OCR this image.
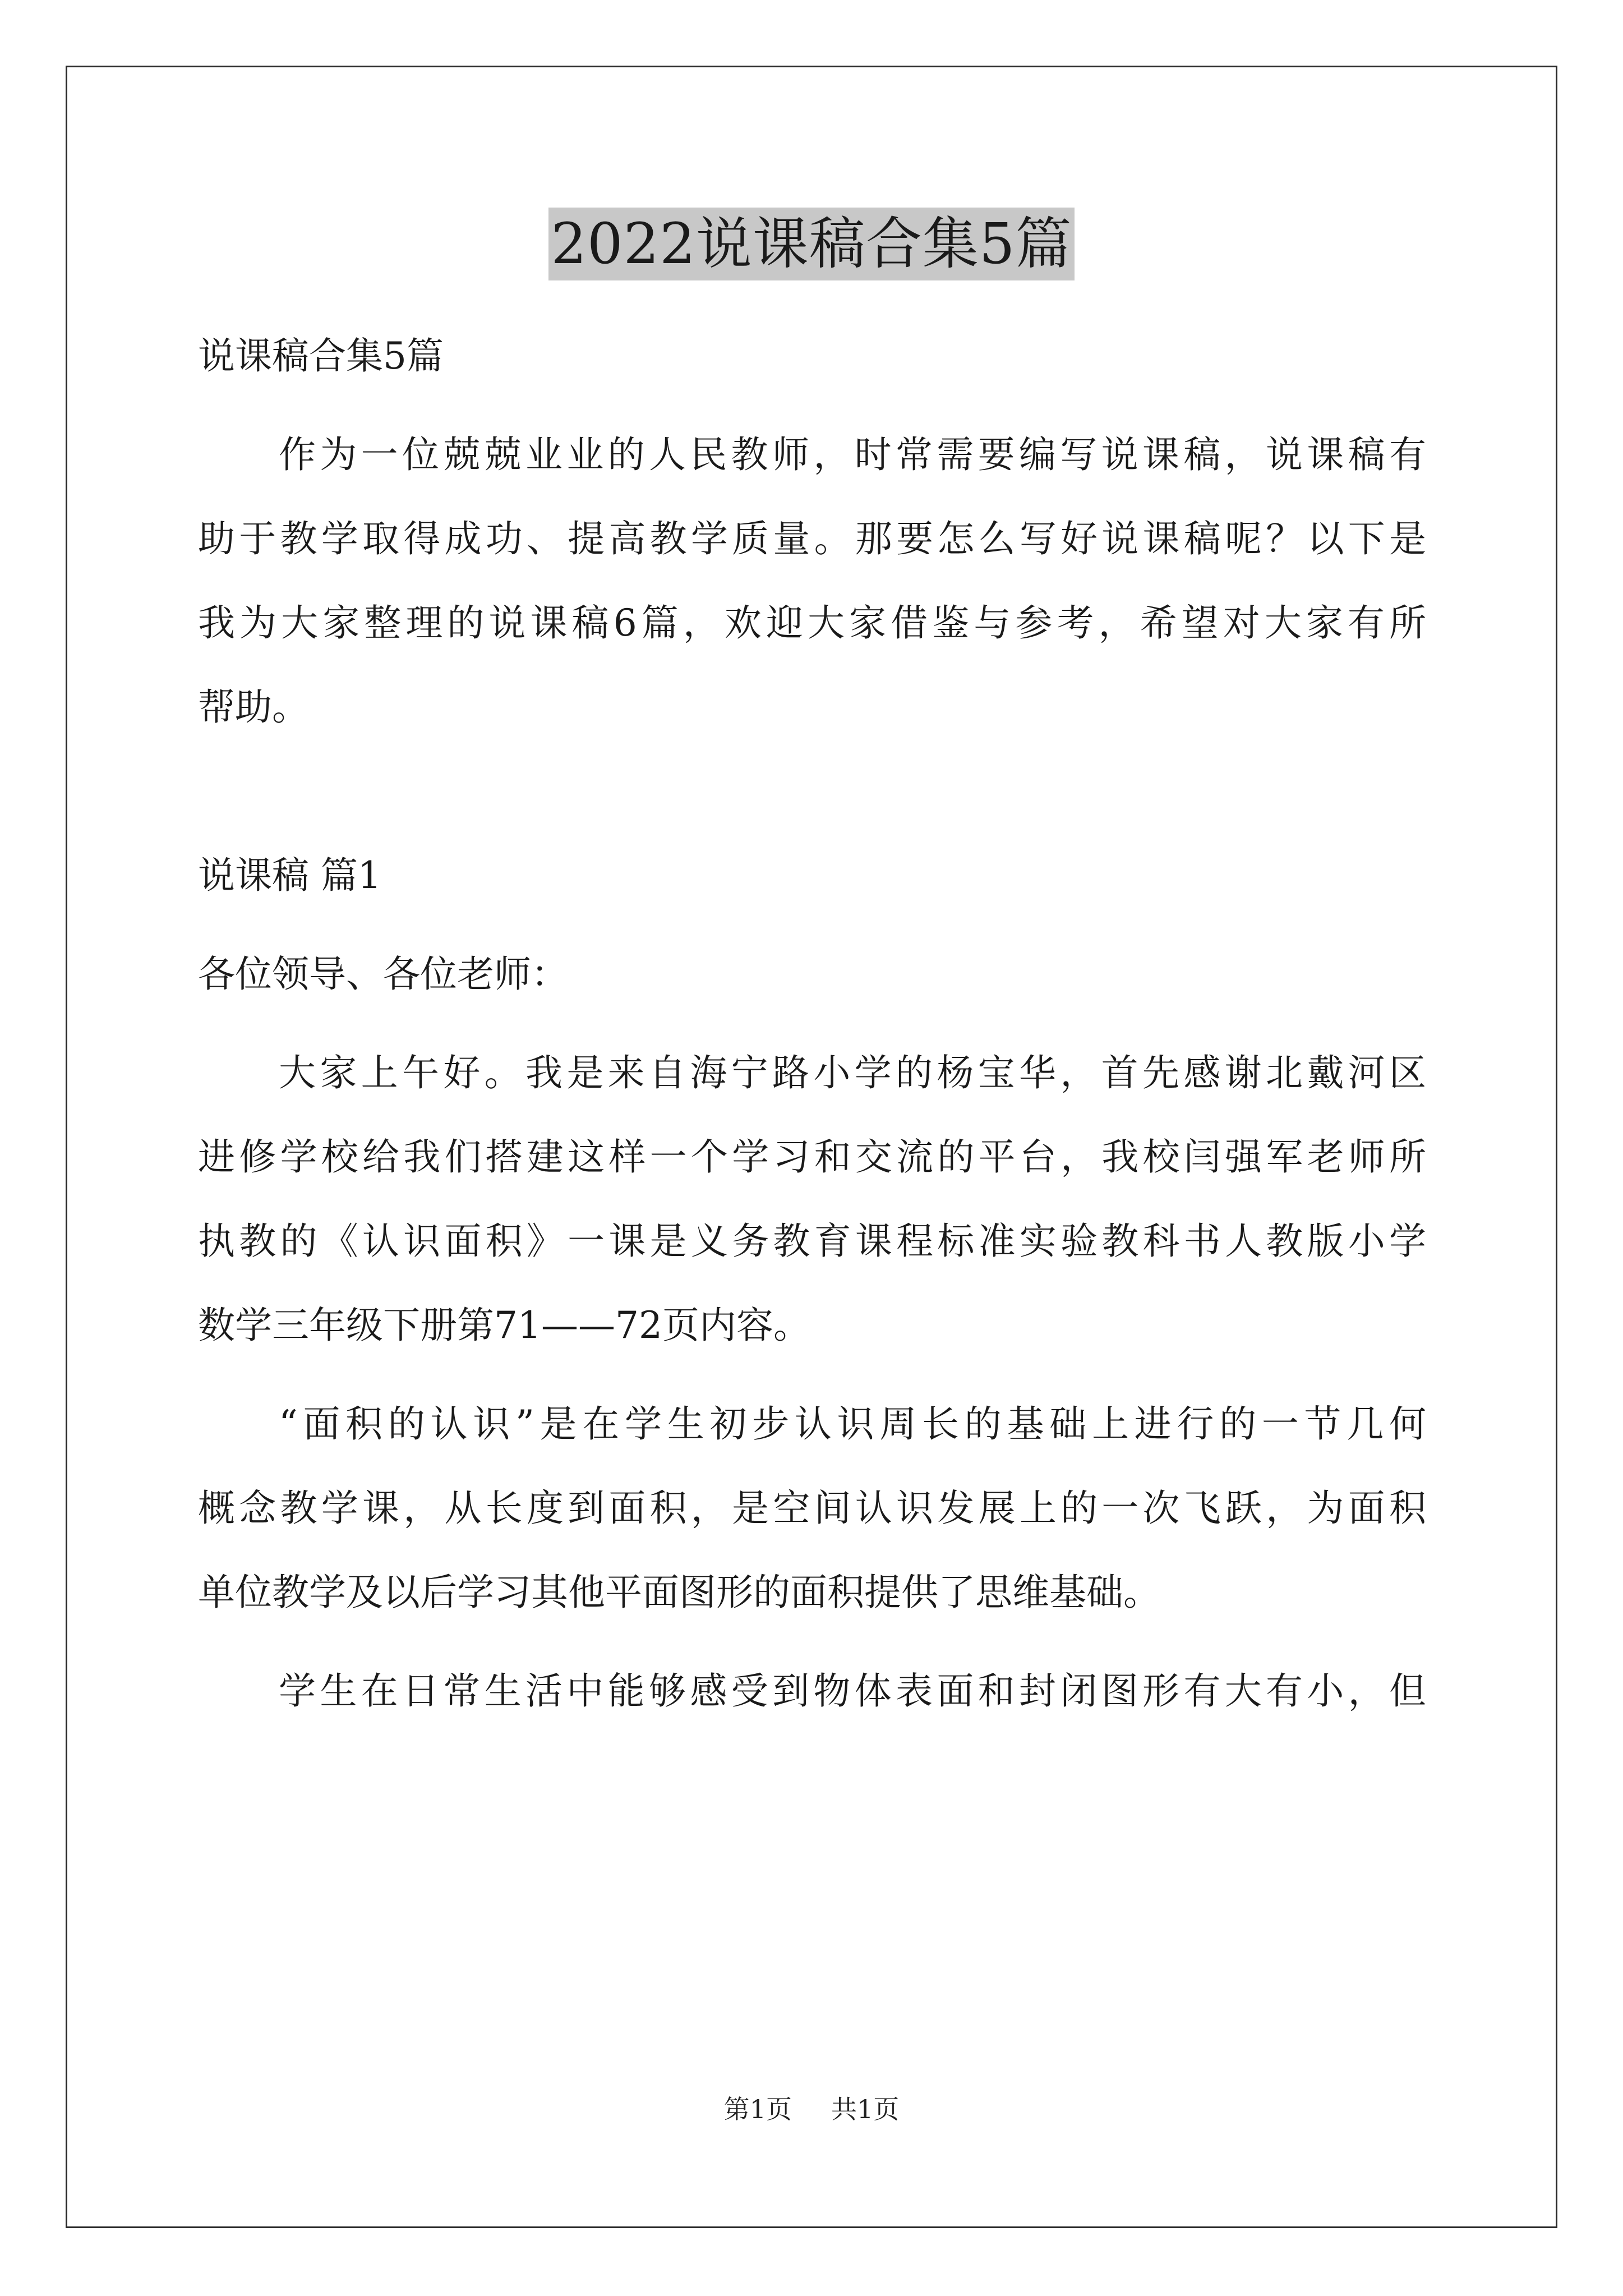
2022说课稿合集5篇

说课稿合集5篇

作为一位兢兢业业的人民教师，时常需要编写说课稿，说课稿有

助于教学取得成功、提高教学质量。那要怎么写好说课稿呢？以下是

我为大家整理的说课稿6篇，欢迎大家借鉴与参考，希望对大家有所

帮助。

说课稿 篇1

各位领导、各位老师：

大家上午好。我是来自海宁路小学的杨宝华，首先感谢北戴河区

进修学校给我们搭建这样一个学习和交流的平台，我校闫强军老师所

执教的《认识面积》一课是义务教育课程标准实验教科书人教版小学

数学三年级下册第71——72页内容。

“面积的认识”是在学生初步认识周长的基础上进行的一节几何

概念教学课，从长度到面积，是空间认识发展上的一次飞跃，为面积

单位教学及以后学习其他平面图形的面积提供了思维基础。

学生在日常生活中能够感受到物体表面和封闭图形有大有小，但

第1页 共1页
